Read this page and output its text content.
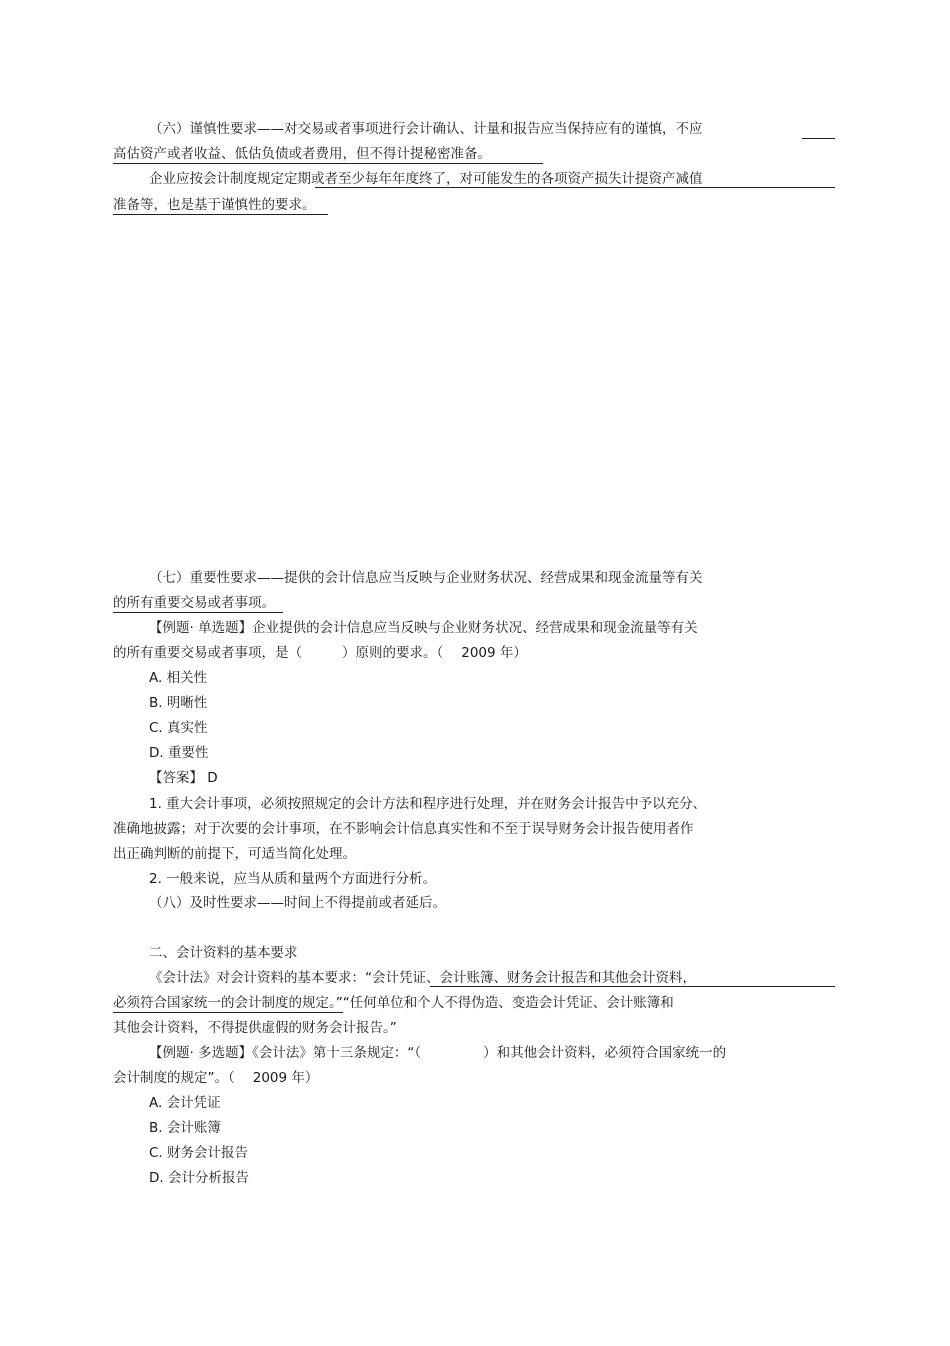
（六）谨慎性要求——对交易或者事项进行会计确认、计量和报告应当保持应有的谨慎，不应

高估资产或者收益、低估负债或者费用，但不得计提秘密准备。

企业应按会计制度规定定期或者至少每年年度终了，对可能发生的各项资产损失计提资产减值

准备等，也是基于谨慎性的要求。

（七）重要性要求——提供的会计信息应当反映与企业财务状况、经营成果和现金流量等有关

的所有重要交易或者事项。

【例题· 单选题】企业提供的会计信息应当反映与企业财务状况、经营成果和现金流量等有关

的所有重要交易或者事项，是（	）原则的要求。（ 2009 年）

A. 相关性

B. 明晰性

C. 真实性

D. 重要性

【答案】 D

1. 重大会计事项，必须按照规定的会计方法和程序进行处理，并在财务会计报告中予以充分、

准确地披露；对于次要的会计事项，在不影响会计信息真实性和不至于误导财务会计报告使用者作

出正确判断的前提下，可适当简化处理。

2. 一般来说，应当从质和量两个方面进行分析。

（八）及时性要求——时间上不得提前或者延后。

二、会计资料的基本要求

《会计法》对会计资料的基本要求：“会计凭证、会计账簿、财务会计报告和其他会计资料，

必须符合国家统一的会计制度的规定。”“任何单位和个人不得伪造、变造会计凭证、会计账簿和

其他会计资料，不得提供虚假的财务会计报告。”

【例题· 多选题】《会计法》第十三条规定：“（	）和其他会计资料，必须符合国家统一的

会计制度的规定”。（ 2009 年）

A. 会计凭证

B. 会计账簿

C. 财务会计报告

D. 会计分析报告
